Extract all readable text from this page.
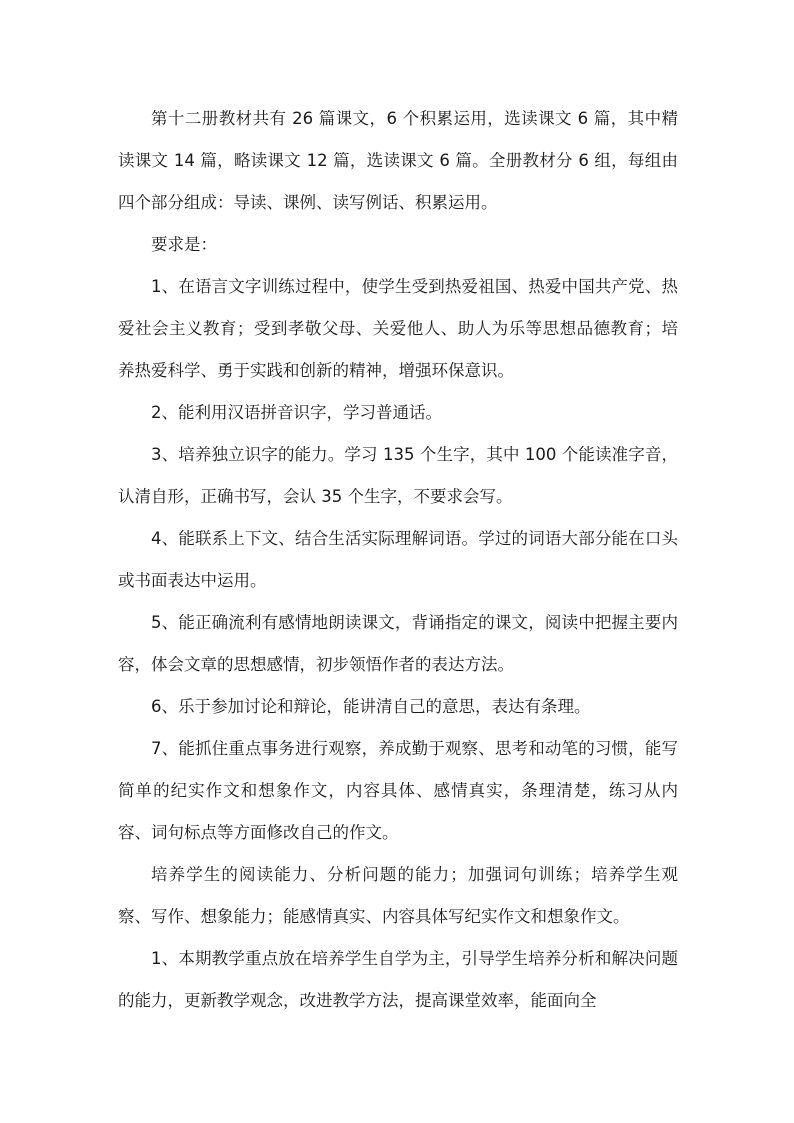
第十二册教材共有 26 篇课文，6 个积累运用，选读课文 6 篇，其中精读课文 14 篇，略读课文 12 篇，选读课文 6 篇。全册教材分 6 组，每组由四个部分组成：导读、课例、读写例话、积累运用。

要求是：

1、在语言文字训练过程中，使学生受到热爱祖国、热爱中国共产党、热爱社会主义教育；受到孝敬父母、关爱他人、助人为乐等思想品德教育；培养热爱科学、勇于实践和创新的精神，增强环保意识。

2、能利用汉语拼音识字，学习普通话。

3、培养独立识字的能力。学习 135 个生字，其中 100 个能读准字音，认清自形，正确书写，会认 35 个生字，不要求会写。

4、能联系上下文、结合生活实际理解词语。学过的词语大部分能在口头或书面表达中运用。

5、能正确流利有感情地朗读课文，背诵指定的课文，阅读中把握主要内容，体会文章的思想感情，初步领悟作者的表达方法。

6、乐于参加讨论和辩论，能讲清自己的意思，表达有条理。

7、能抓住重点事务进行观察，养成勤于观察、思考和动笔的习惯，能写简单的纪实作文和想象作文，内容具体、感情真实，条理清楚，练习从内容、词句标点等方面修改自己的作文。

培养学生的阅读能力、分析问题的能力；加强词句训练；培养学生观察、写作、想象能力；能感情真实、内容具体写纪实作文和想象作文。

1、本期教学重点放在培养学生自学为主，引导学生培养分析和解决问题的能力，更新教学观念，改进教学方法，提高课堂效率，能面向全
